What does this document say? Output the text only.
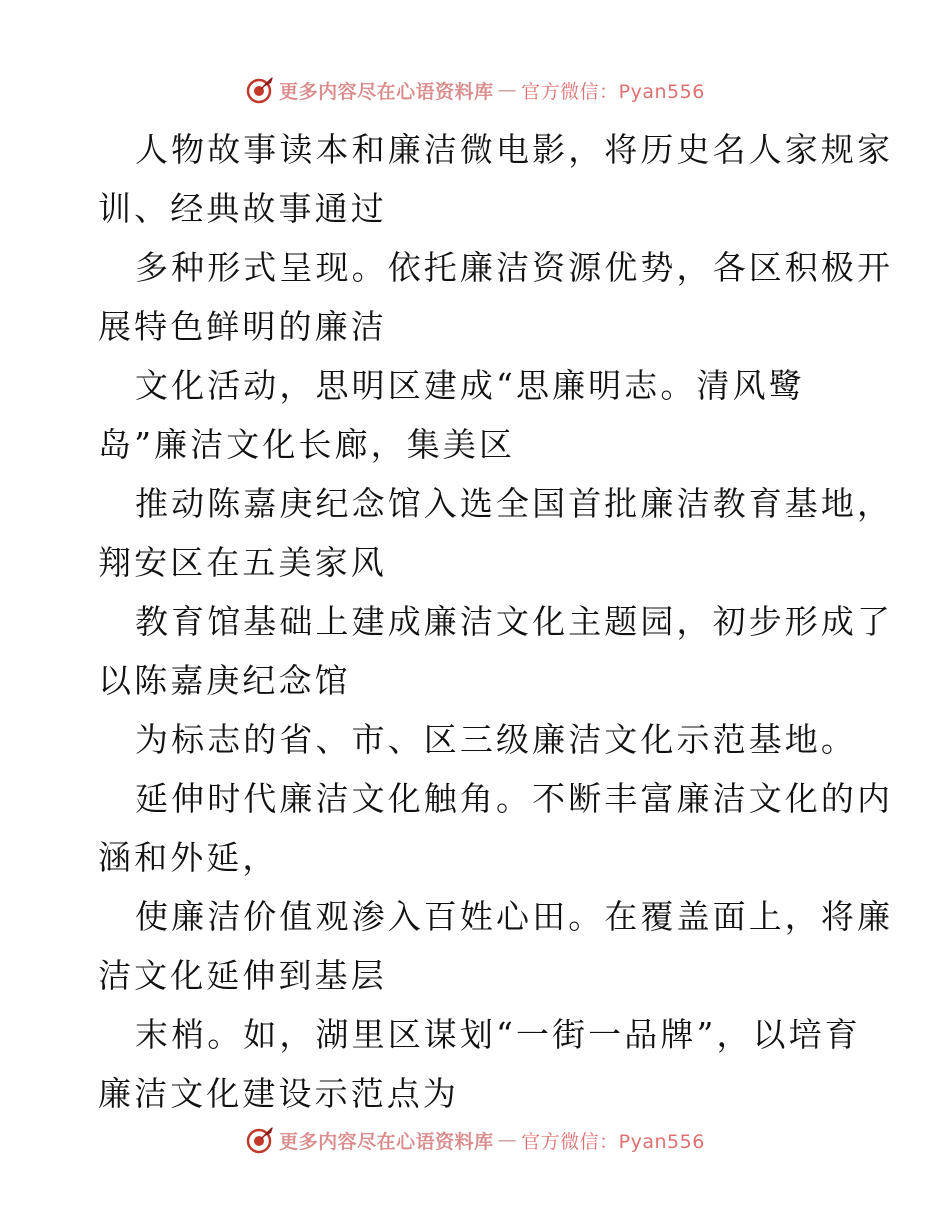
更多内容尽在心语资料库 — 官方微信：Pyan556
人物故事读本和廉洁微电影，将历史名人家规家
训、经典故事通过
多种形式呈现。依托廉洁资源优势，各区积极开
展特色鲜明的廉洁
文化活动，思明区建成“思廉明志。清风鹭
岛”廉洁文化长廊，集美区
推动陈嘉庚纪念馆入选全国首批廉洁教育基地，
翔安区在五美家风
教育馆基础上建成廉洁文化主题园，初步形成了
以陈嘉庚纪念馆
为标志的省、市、区三级廉洁文化示范基地。
延伸时代廉洁文化触角。不断丰富廉洁文化的内
涵和外延，
使廉洁价值观渗入百姓心田。在覆盖面上，将廉
洁文化延伸到基层
末梢。如，湖里区谋划“一街一品牌”，以培育
廉洁文化建设示范点为
更多内容尽在心语资料库 — 官方微信：Pyan556
